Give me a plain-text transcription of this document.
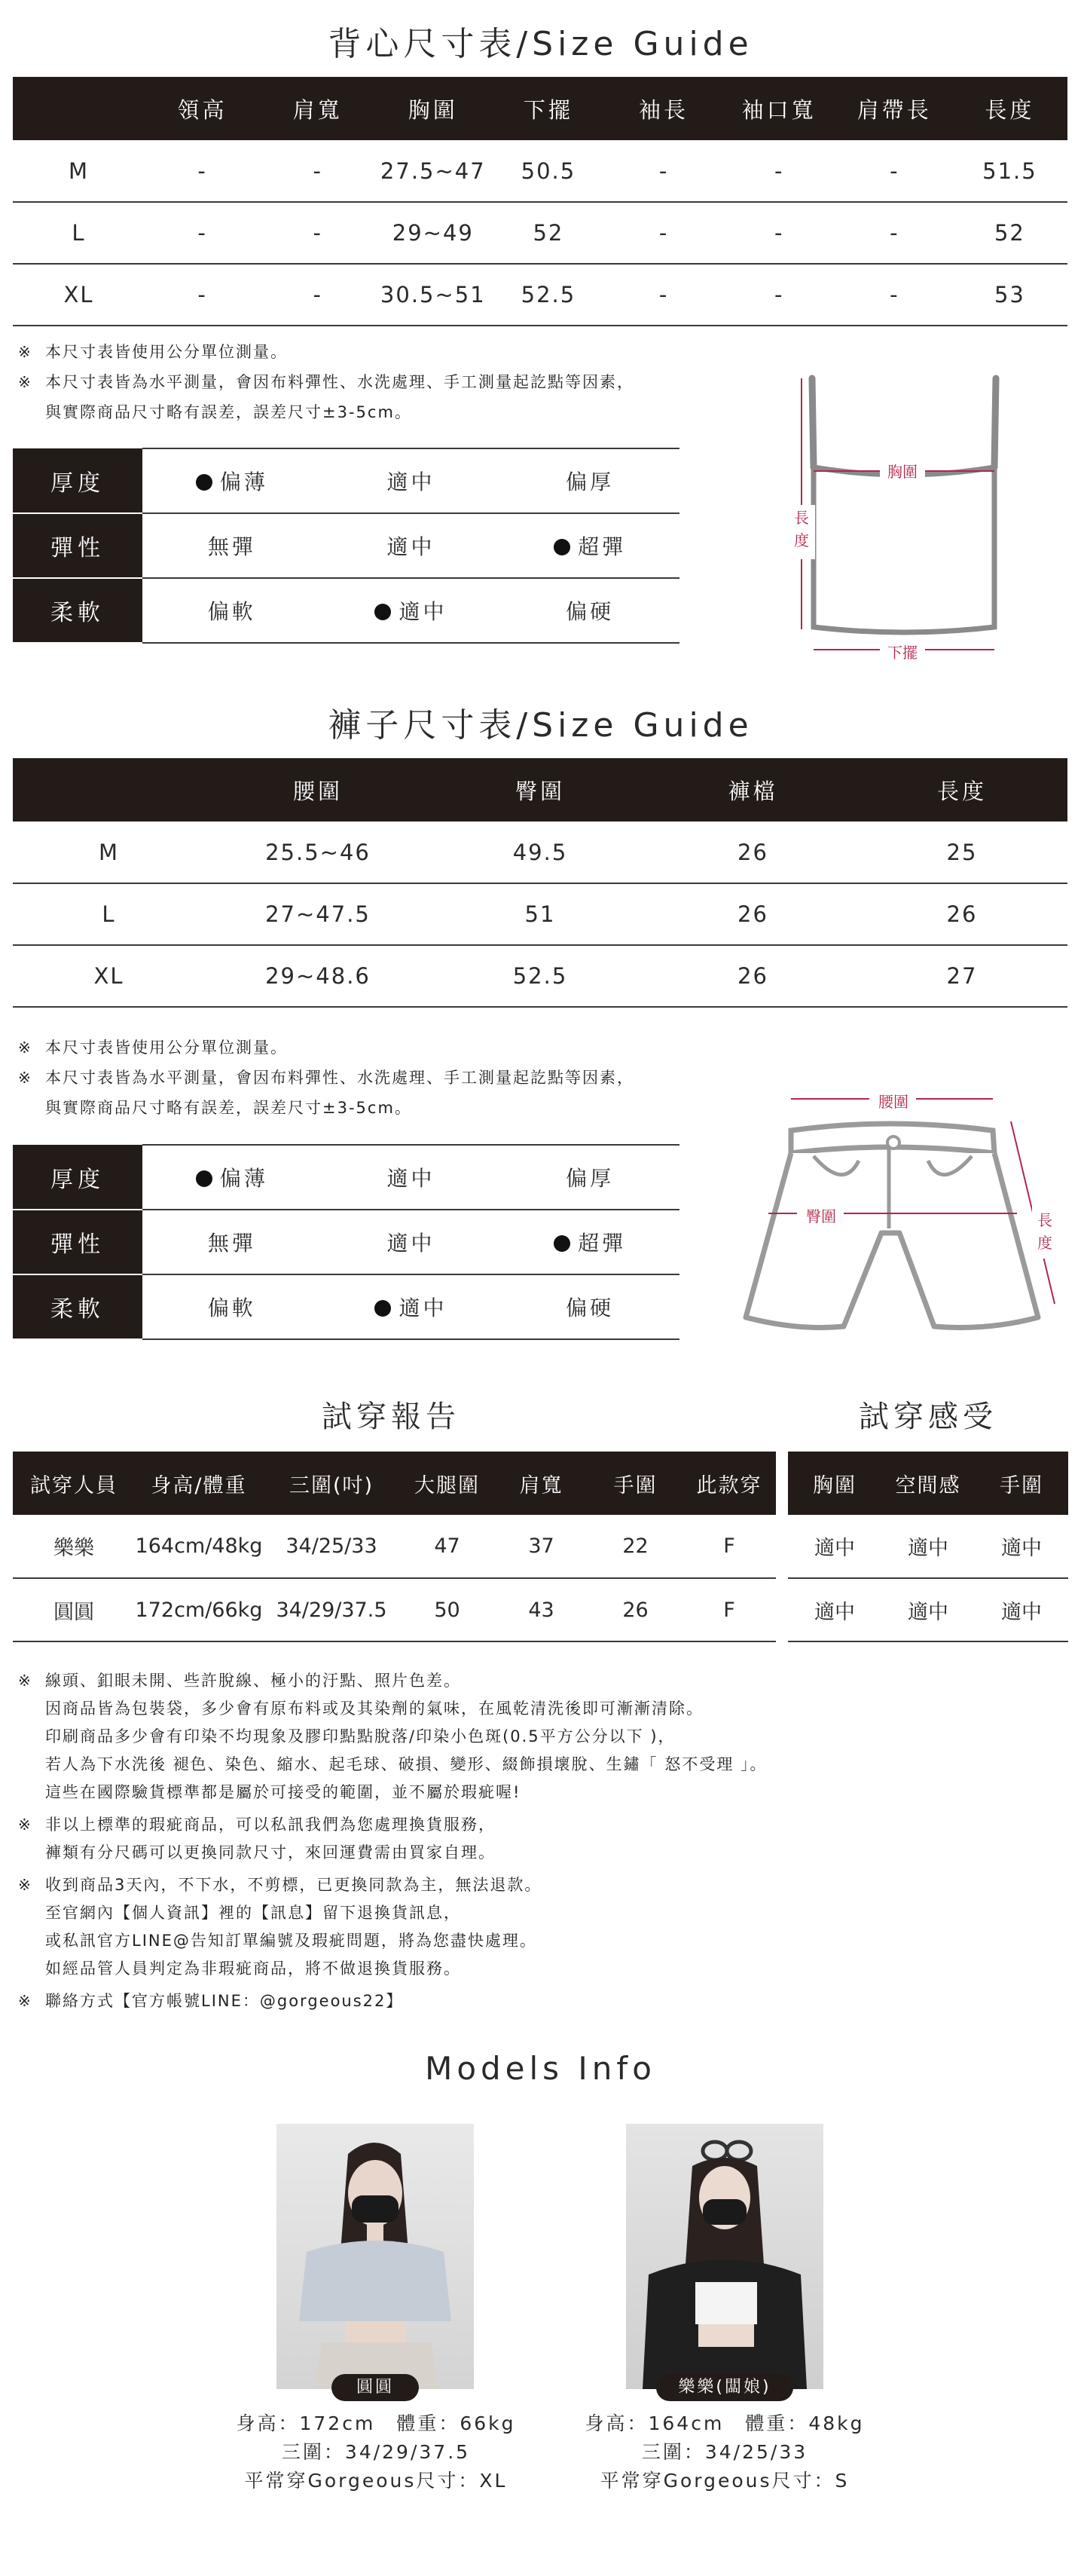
背心尺寸表/Size Guide
	領高	肩寬	胸圍	下擺	袖長	袖口寬	肩帶長	長度
M	-	-	27.5~47	50.5	-	-	-	51.5
L	-	-	29~49	52	-	-	-	52
XL	-	-	30.5~51	52.5	-	-	-	53
※ 本尺寸表皆使用公分單位測量。
※ 本尺寸表皆為水平測量，會因布料彈性、水洗處理、手工測量起訖點等因素，
與實際商品尺寸略有誤差，誤差尺寸±3-5cm。
厚度	偏薄	適中	偏厚
彈性	無彈	適中	超彈
柔軟	偏軟	適中	偏硬
胸圍
下擺
長度
褲子尺寸表/Size Guide
	腰圍	臀圍	褲檔	長度
M	25.5~46	49.5	26	25
L	27~47.5	51	26	26
XL	29~48.6	52.5	26	27
※ 本尺寸表皆使用公分單位測量。
※ 本尺寸表皆為水平測量，會因布料彈性、水洗處理、手工測量起訖點等因素，
與實際商品尺寸略有誤差，誤差尺寸±3-5cm。
厚度	偏薄	適中	偏厚
彈性	無彈	適中	超彈
柔軟	偏軟	適中	偏硬
腰圍
臀圍	長度
試穿報告	試穿感受
試穿人員	身高/體重	三圍(吋)	大腿圍	肩寬	手圍	此款穿
樂樂	164cm/48kg	34/25/33	47	37	22	F
圓圓	172cm/66kg	34/29/37.5	50	43	26	F
胸圍	空間感	手圍
適中	適中	適中
適中	適中	適中
※ 線頭、釦眼未開、些許脫線、極小的汙點、照片色差。
因商品皆為包裝袋，多少會有原布料或及其染劑的氣味，在風乾清洗後即可漸漸清除。
印刷商品多少會有印染不均現象及膠印點點脫落/印染小色斑(0.5平方公分以下 )，
若人為下水洗後 褪色、染色、縮水、起毛球、破損、變形、綴飾損壞脫、生鏽「 怒不受理 」。
這些在國際驗貨標準都是屬於可接受的範圍，並不屬於瑕疵喔!
※ 非以上標準的瑕疵商品，可以私訊我們為您處理換貨服務，
褲類有分尺碼可以更換同款尺寸，來回運費需由買家自理。
※ 收到商品3天內，不下水，不剪標，已更換同款為主，無法退款。
至官網內【個人資訊】裡的【訊息】留下退換貨訊息，
或私訊官方LINE@告知訂單編號及瑕疵問題，將為您盡快處理。
如經品管人員判定為非瑕疵商品，將不做退換貨服務。
※ 聯絡方式【官方帳號LINE：@gorgeous22】
Models Info
圓圓
身高：172cm　體重：66kg
三圍：34/29/37.5
平常穿Gorgeous尺寸：XL
樂樂(闆娘)
身高：164cm　體重：48kg
三圍：34/25/33
平常穿Gorgeous尺寸：S
